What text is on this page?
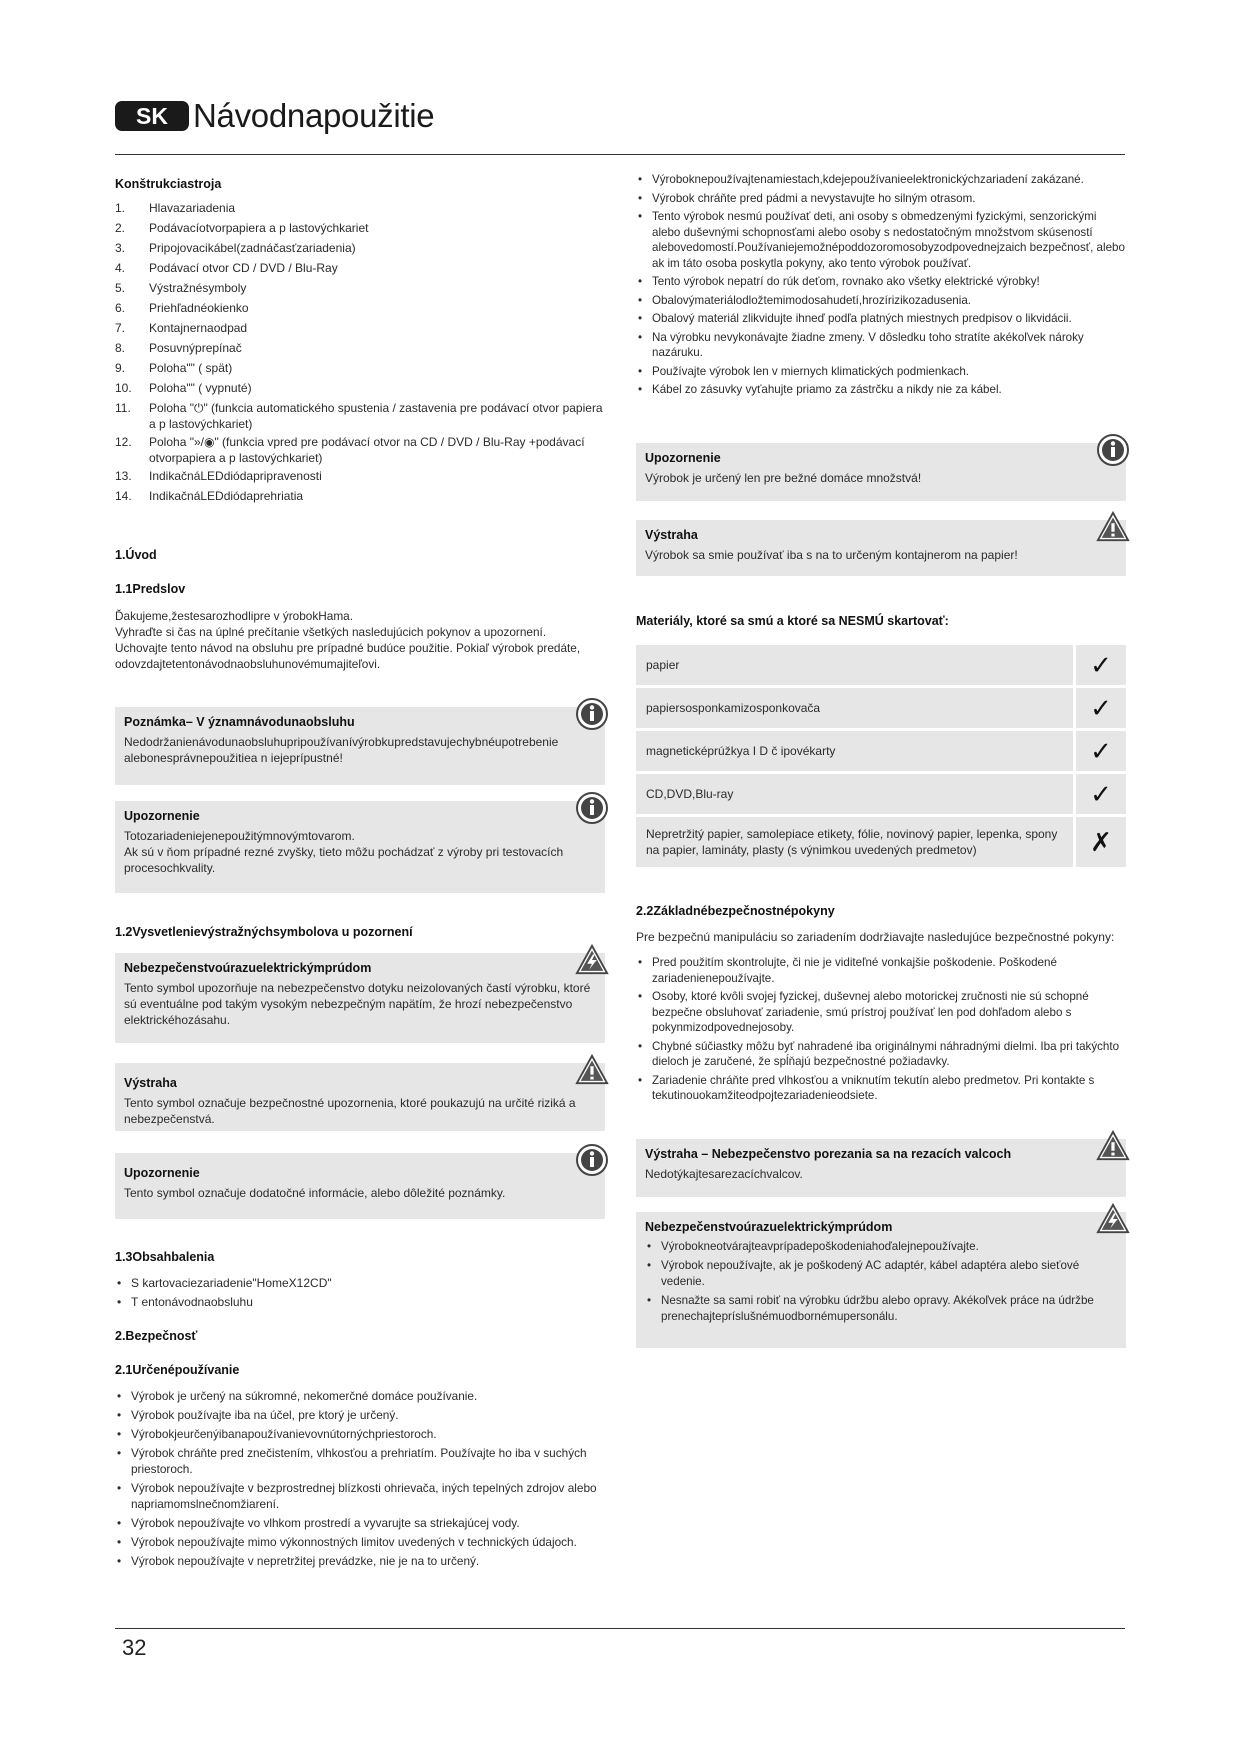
SK Návodnapoužitie
Konštrukciastroja
1.	Hlavazariadenia
2.	Podávacíotvorpapiera a p lastovýchkariet
3.	Pripojovacikábel(zadnáčasťzariadenia)
4.	Podávací otvor CD / DVD / Blu-Ray
5.	Výstražnésymboly
6.	Priehľadnéokienko
7.	Kontajnernaodpad
8.	Posuvnýprepínač
9.	Poloha"" ( spät)
10.	Poloha"" ( vypnuté)
11.	Poloha "⏻" (funkcia automatického spustenia / zastavenia pre podávací otvor papiera a p lastovýchkariet)
12.	Poloha "»/◉" (funkcia vpred pre podávací otvor na CD / DVD / Blu-Ray +podávací otvorpapiera a p lastovýchkariet)
13.	IndikačnáLEDdiódapripravenosti
14.	IndikačnáLEDdiódaprehriatia
1.Úvod
1.1Predslov
Ďakujeme,žestesarozhodlipre v ýrobokHama.
Vyhraďte si čas na úplné prečítanie všetkých nasledujúcich pokynov a upozornení.
Uchovajte tento návod na obsluhu pre prípadné budúce použitie. Pokiaľ výrobok predáte, odovzdajtetentonávodnaobsluhunovémumajiteľovi.
Poznámka– V ýznamnávodunaobsluhu
Nedodržanienávodunaobsluhupripoužívanívýrobkupredstavujechybnéupotrebenie alebonesprávnepoužitiea n iejeprípustné!
Upozornenie
Totozariadeniejenepoužitýmnovýmtovarom.
Ak sú v ňom prípadné rezné zvyšky, tieto môžu pochádzať z výroby pri testovacích procesochkvality.
1.2Vysvetlenievýstražnýchsymbolova u pozornení
Nebezpečenstvoúrazuelektrickýmprúdom
Tento symbol upozorňuje na nebezpečenstvo dotyku neizolovaných častí výrobku, ktoré sú eventuálne pod takým vysokým nebezpečným napätím, že hrozí nebezpečenstvo elektrickéhozásahu.
Výstraha
Tento symbol označuje bezpečnostné upozornenia, ktoré poukazujú na určité riziká a nebezpečenstvá.
Upozornenie
Tento symbol označuje dodatočné informácie, alebo dôležité poznámky.
1.3Obsahbalenia
• S kartovaciezariadenie"HomeX12CD"
• T entonávodnaobsluhu
2.Bezpečnosť
2.1Určenépoužívanie
• Výrobok je určený na súkromné, nekomerčné domáce používanie.
• Výrobok používajte iba na účel, pre ktorý je určený.
• Výrobokjeurčenýibanapoužívanievovnútornýchpriestoroch.
• Výrobok chráňte pred znečistením, vlhkosťou a prehriatím. Používajte ho iba v suchých priestoroch.
• Výrobok nepoužívajte v bezprostrednej blízkosti ohrievača, iných tepelných zdrojov alebo napriamomslnečnomžiarení.
• Výrobok nepoužívajte vo vlhkom prostredí a vyvarujte sa striekajúcej vody.
• Výrobok nepoužívajte mimo výkonnostných limitov uvedených v technických údajoch.
• Výrobok nepoužívajte v nepretržitej prevádzke, nie je na to určený.
• Výroboknepoužívajtenamiestach,kdejepoužívanieelektronickýchzariadení zakázané.
• Výrobok chráňte pred pádmi a nevystavujte ho silným otrasom.
• Tento výrobok nesmú používať deti, ani osoby s obmedzenými fyzickými, senzorickými alebo duševnými schopnosťami alebo osoby s nedostatočným množstvom skúseností alebovedomostí.Používaniejemožnépoddozoromosobyzodpovednejzaich bezpečnosť, alebo ak im táto osoba poskytla pokyny, ako tento výrobok používať.
• Tento výrobok nepatrí do rúk deťom, rovnako ako všetky elektrické výrobky!
• Obalovýmateriálodložtemimodosahudetí,hrozírizikozadusenia.
• Obalový materiál zlikvidujte ihneď podľa platných miestnych predpisov o likvidácii.
• Na výrobku nevykonávajte žiadne zmeny. V dôsledku toho stratíte akékoľvek nároky nazáruku.
• Používajte výrobok len v miernych klimatických podmienkach.
• Kábel zo zásuvky vyťahujte priamo za zástrčku a nikdy nie za kábel.
Upozornenie
Výrobok je určený len pre bežné domáce množstvá!
Výstraha
Výrobok sa smie používať iba s na to určeným kontajnerom na papier!
Materiály, ktoré sa smú a ktoré sa NESMÚ skartovať:
papier	✓
papiersosponkamizosponkovača	✓
magneticképrúžkya I D č ipovékarty	✓
CD,DVD,Blu-ray	✓
Nepretržitý papier, samolepiace etikety, fólie, novinový papier, lepenka, spony na papier, lamináty, plasty (s výnimkou uvedených predmetov)	✗
2.2Základnébezpečnostnépokyny
Pre bezpečnú manipuláciu so zariadením dodržiavajte nasledujúce bezpečnostné pokyny:
• Pred použitím skontrolujte, či nie je viditeľné vonkajšie poškodenie. Poškodené zariadenienepoužívajte.
• Osoby, ktoré kvôli svojej fyzickej, duševnej alebo motorickej zručnosti nie sú schopné bezpečne obsluhovať zariadenie, smú prístroj používať len pod dohľadom alebo s pokynmizodpovednejosoby.
• Chybné súčiastky môžu byť nahradené iba originálnymi náhradnými dielmi. Iba pri takýchto dieloch je zaručené, že spĺňajú bezpečnostné požiadavky.
• Zariadenie chráňte pred vlhkosťou a vniknutím tekutín alebo predmetov. Pri kontakte s tekutinouokamžiteodpojtezariadenieodsiete.
Výstraha – Nebezpečenstvo porezania sa na rezacích valcoch
Nedotýkajtesarezacíchvalcov.
Nebezpečenstvoúrazuelektrickýmprúdom
• Výrobokneotvárajteavprípadepoškodeniahoďalejnepoužívajte.
• Výrobok nepoužívajte, ak je poškodený AC adaptér, kábel adaptéra alebo sieťové vedenie.
• Nesnažte sa sami robiť na výrobku údržbu alebo opravy. Akékoľvek práce na údržbe prenechajtepríslušnémuodbornémupersonálu.
32
